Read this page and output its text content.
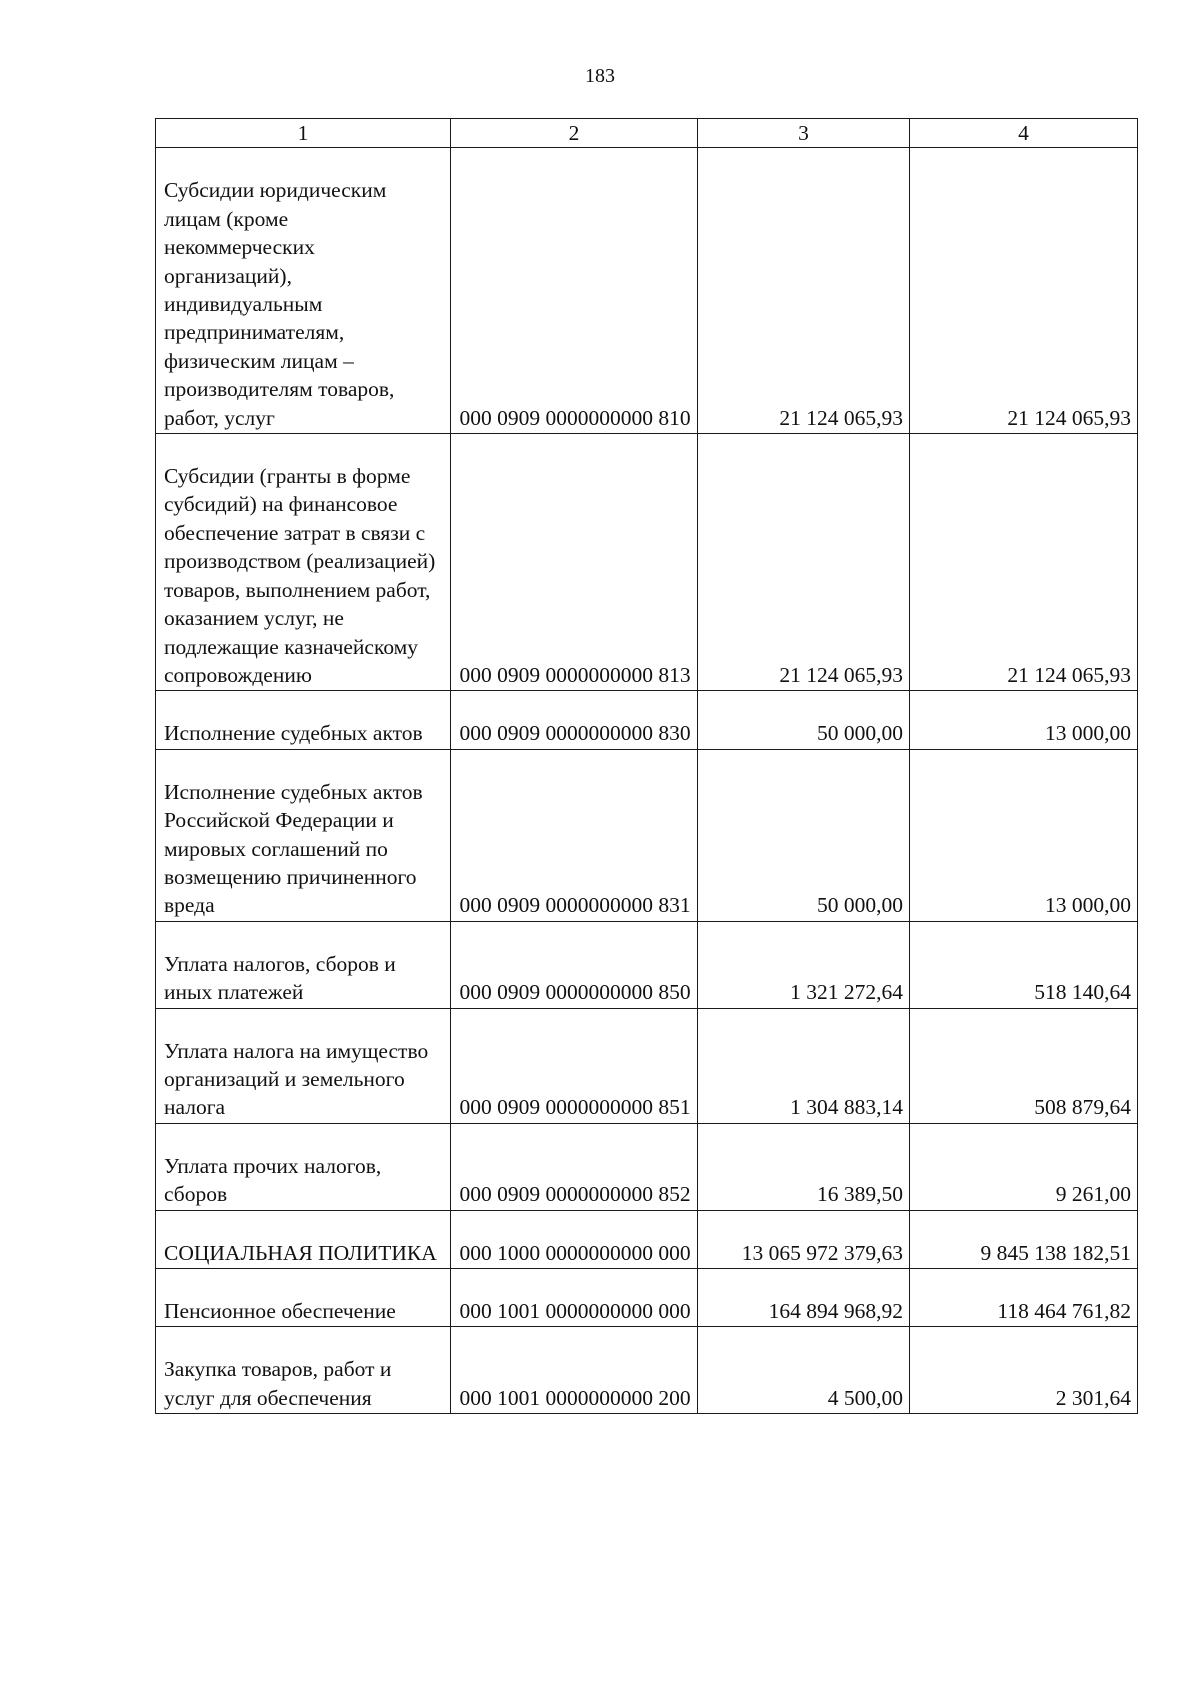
183
1	2	3	4
Субсидии юридическим лицам (кроме некоммерческих организаций), индивидуальным предпринимателям, физическим лицам – производителям товаров, работ, услуг	000 0909 0000000000 810	21 124 065,93	21 124 065,93
Субсидии (гранты в форме субсидий) на финансовое обеспечение затрат в связи с производством (реализацией) товаров, выполнением работ, оказанием услуг, не подлежащие казначейскому сопровождению	000 0909 0000000000 813	21 124 065,93	21 124 065,93
Исполнение судебных актов	000 0909 0000000000 830	50 000,00	13 000,00
Исполнение судебных актов Российской Федерации и мировых соглашений по возмещению причиненного вреда	000 0909 0000000000 831	50 000,00	13 000,00
Уплата налогов, сборов и иных платежей	000 0909 0000000000 850	1 321 272,64	518 140,64
Уплата налога на имущество организаций и земельного налога	000 0909 0000000000 851	1 304 883,14	508 879,64
Уплата прочих налогов, сборов	000 0909 0000000000 852	16 389,50	9 261,00
СОЦИАЛЬНАЯ ПОЛИТИКА	000 1000 0000000000 000	13 065 972 379,63	9 845 138 182,51
Пенсионное обеспечение	000 1001 0000000000 000	164 894 968,92	118 464 761,82
Закупка товаров, работ и услуг для обеспечения	000 1001 0000000000 200	4 500,00	2 301,64
